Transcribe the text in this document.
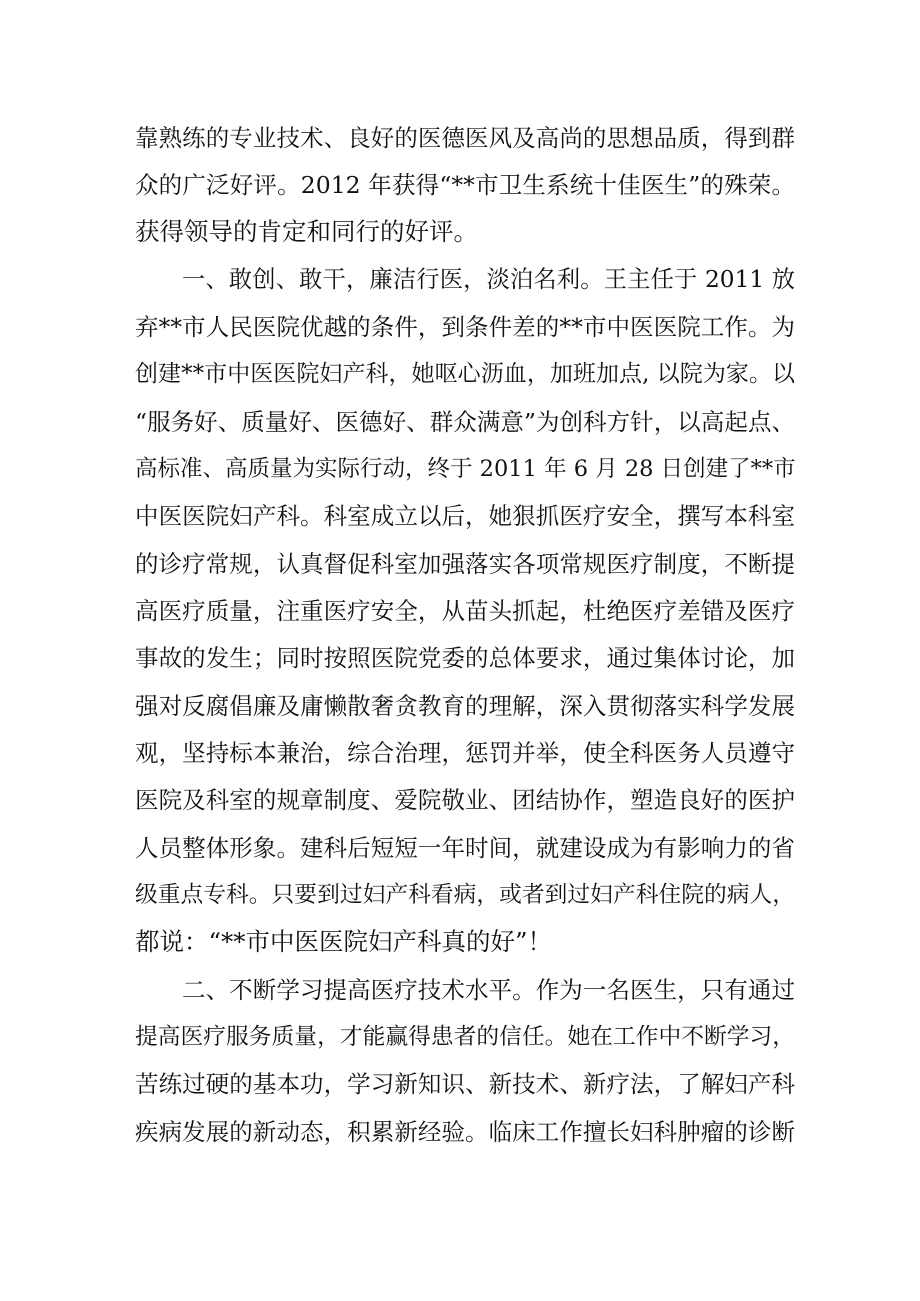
靠熟练的专业技术、良好的医德医风及高尚的思想品质，得到群
众的广泛好评。2012 年获得“**市卫生系统十佳医生”的殊荣。
获得领导的肯定和同行的好评。
一、敢创、敢干，廉洁行医，淡泊名利。王主任于 2011 放
弃**市人民医院优越的条件，到条件差的**市中医医院工作。为
创建**市中医医院妇产科，她呕心沥血，加班加点, 以院为家。以
“服务好、质量好、医德好、群众满意”为创科方针，以高起点、
高标准、高质量为实际行动，终于 2011 年 6 月 28 日创建了**市
中医医院妇产科。科室成立以后，她狠抓医疗安全，撰写本科室
的诊疗常规，认真督促科室加强落实各项常规医疗制度，不断提
高医疗质量，注重医疗安全，从苗头抓起，杜绝医疗差错及医疗
事故的发生；同时按照医院党委的总体要求，通过集体讨论，加
强对反腐倡廉及庸懒散奢贪教育的理解，深入贯彻落实科学发展
观，坚持标本兼治，综合治理，惩罚并举，使全科医务人员遵守
医院及科室的规章制度、爱院敬业、团结协作，塑造良好的医护
人员整体形象。建科后短短一年时间，就建设成为有影响力的省
级重点专科。只要到过妇产科看病，或者到过妇产科住院的病人，
都说：“**市中医医院妇产科真的好”！
二、不断学习提高医疗技术水平。作为一名医生，只有通过
提高医疗服务质量，才能赢得患者的信任。她在工作中不断学习，
苦练过硬的基本功，学习新知识、新技术、新疗法，了解妇产科
疾病发展的新动态，积累新经验。临床工作擅长妇科肿瘤的诊断
